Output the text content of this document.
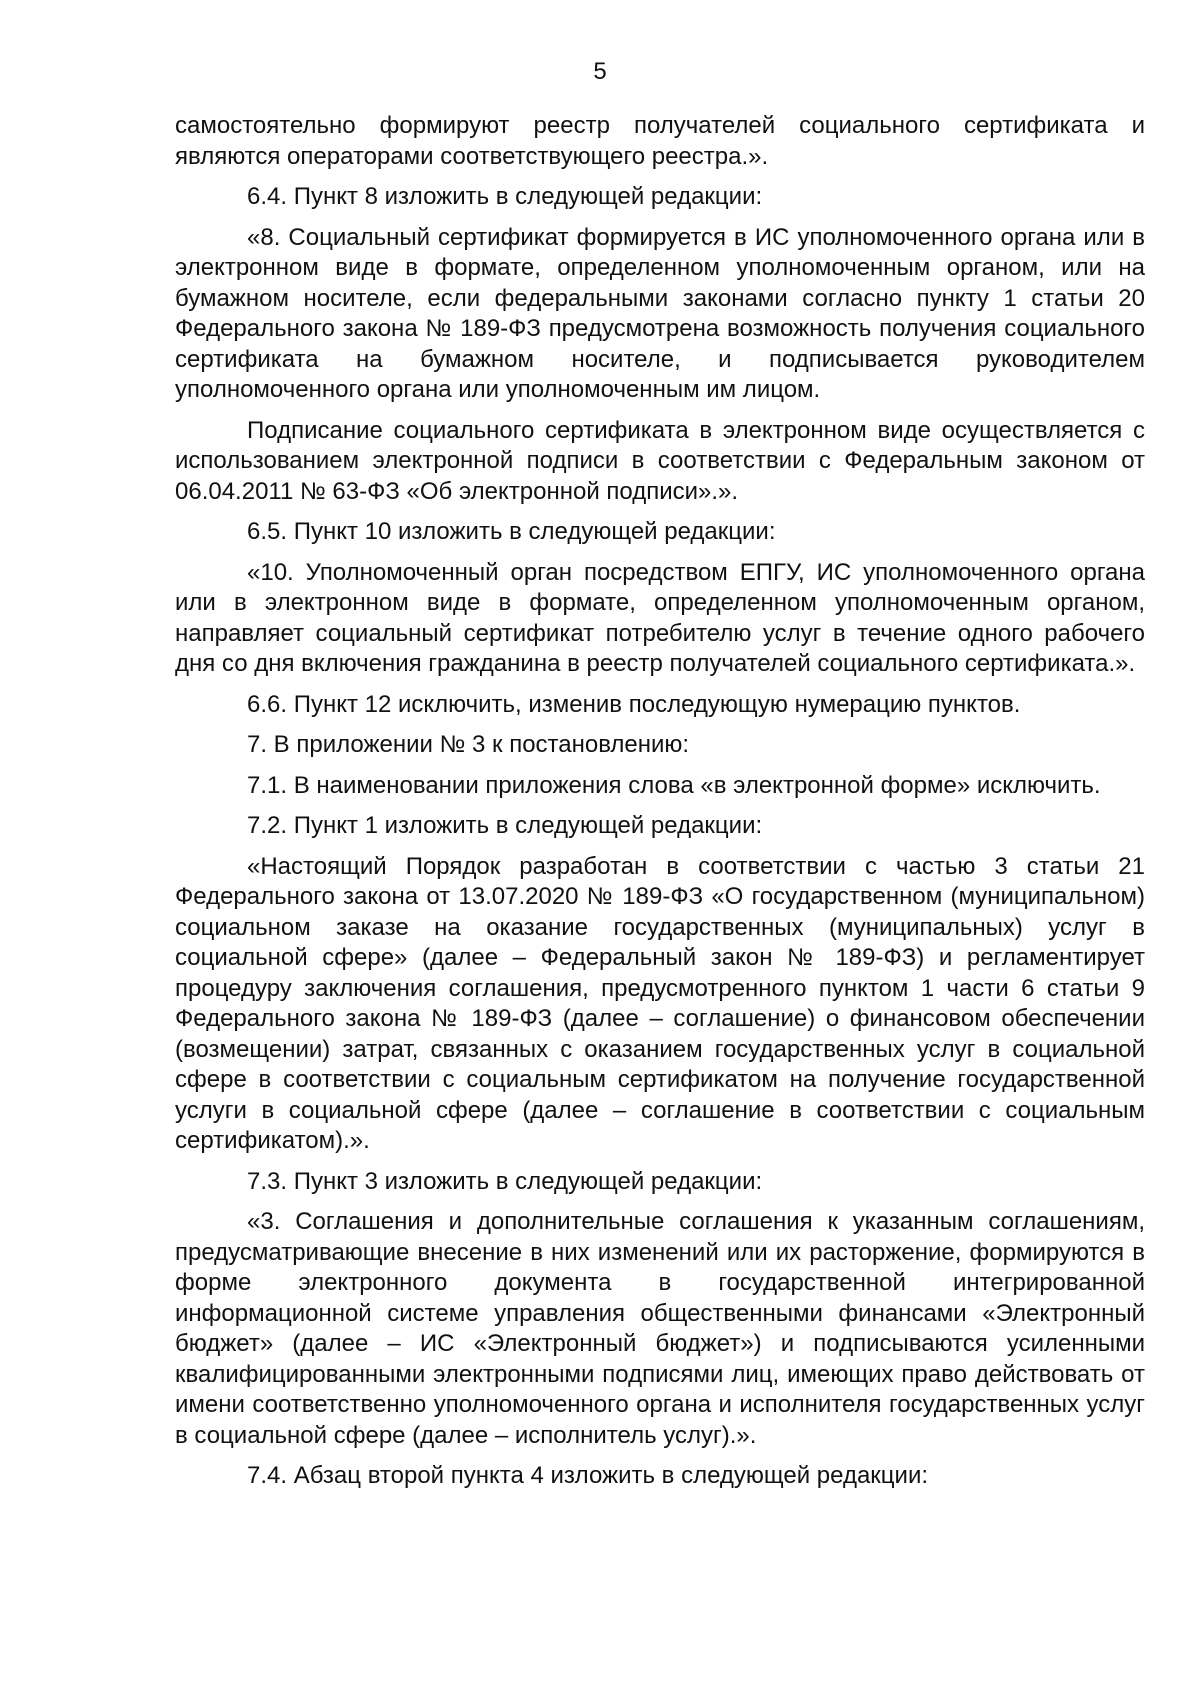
5

самостоятельно формируют реестр получателей социального сертификата и являются операторами соответствующего реестра.».

6.4. Пункт 8 изложить в следующей редакции:

«8. Социальный сертификат формируется в ИС уполномоченного органа или в электронном виде в формате, определенном уполномоченным органом, или на бумажном носителе, если федеральными законами согласно пункту 1 статьи 20 Федерального закона № 189-ФЗ предусмотрена возможность получения социального сертификата на бумажном носителе, и подписывается руководителем уполномоченного органа или уполномоченным им лицом.

Подписание социального сертификата в электронном виде осуществляется с использованием электронной подписи в соответствии с Федеральным законом от 06.04.2011 № 63-ФЗ «Об электронной подписи».».

6.5. Пункт 10 изложить в следующей редакции:

«10. Уполномоченный орган посредством ЕПГУ, ИС уполномоченного органа или в электронном виде в формате, определенном уполномоченным органом, направляет социальный сертификат потребителю услуг в течение одного рабочего дня со дня включения гражданина в реестр получателей социального сертификата.».

6.6. Пункт 12 исключить, изменив последующую нумерацию пунктов.

7. В приложении № 3 к постановлению:

7.1. В наименовании приложения слова «в электронной форме» исключить.

7.2. Пункт 1 изложить в следующей редакции:

«Настоящий Порядок разработан в соответствии с частью 3 статьи 21 Федерального закона от 13.07.2020 № 189-ФЗ «О государственном (муниципальном) социальном заказе на оказание государственных (муниципальных) услуг в социальной сфере» (далее – Федеральный закон № 189-ФЗ) и регламентирует процедуру заключения соглашения, предусмотренного пунктом 1 части 6 статьи 9 Федерального закона № 189-ФЗ (далее – соглашение) о финансовом обеспечении (возмещении) затрат, связанных с оказанием государственных услуг в социальной сфере в соответствии с социальным сертификатом на получение государственной услуги в социальной сфере (далее – соглашение в соответствии с социальным сертификатом).».

7.3. Пункт 3 изложить в следующей редакции:

«3. Соглашения и дополнительные соглашения к указанным соглашениям, предусматривающие внесение в них изменений или их расторжение, формируются в форме электронного документа в государственной интегрированной информационной системе управления общественными финансами «Электронный бюджет» (далее – ИС «Электронный бюджет») и подписываются усиленными квалифицированными электронными подписями лиц, имеющих право действовать от имени соответственно уполномоченного органа и исполнителя государственных услуг в социальной сфере (далее – исполнитель услуг).».

7.4. Абзац второй пункта 4 изложить в следующей редакции:
